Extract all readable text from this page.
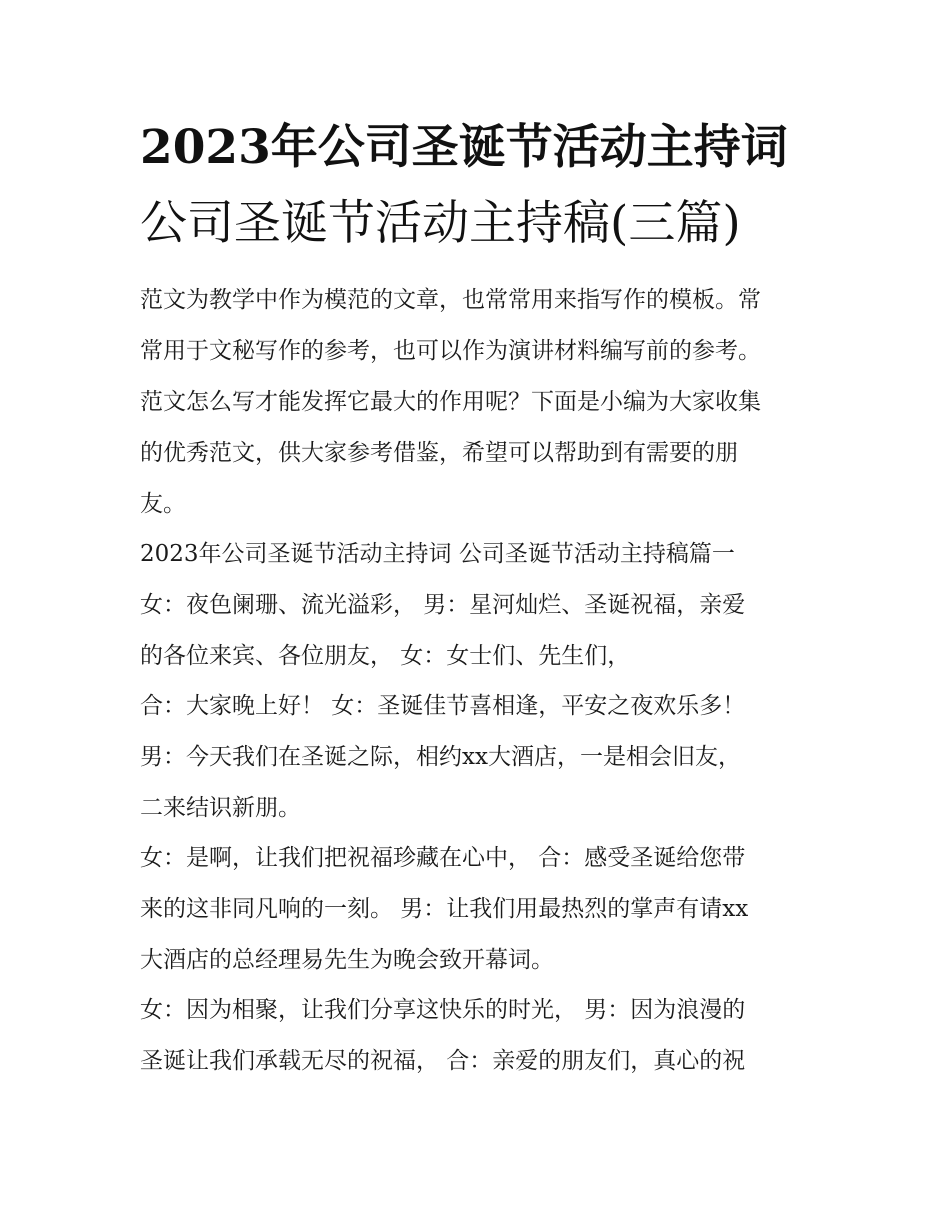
2023年公司圣诞节活动主持词
公司圣诞节活动主持稿(三篇)

范文为教学中作为模范的文章，也常常用来指写作的模板。常

常用于文秘写作的参考，也可以作为演讲材料编写前的参考。

范文怎么写才能发挥它最大的作用呢？下面是小编为大家收集

的优秀范文，供大家参考借鉴，希望可以帮助到有需要的朋

友。

2023年公司圣诞节活动主持词 公司圣诞节活动主持稿篇一

女：夜色阑珊、流光溢彩， 男：星河灿烂、圣诞祝福，亲爱

的各位来宾、各位朋友， 女：女士们、先生们，

合：大家晚上好！ 女：圣诞佳节喜相逢，平安之夜欢乐多！

男：今天我们在圣诞之际，相约xx大酒店，一是相会旧友，

二来结识新朋。

女：是啊，让我们把祝福珍藏在心中， 合：感受圣诞给您带

来的这非同凡响的一刻。 男：让我们用最热烈的掌声有请xx

大酒店的总经理易先生为晚会致开幕词。

女：因为相聚，让我们分享这快乐的时光， 男：因为浪漫的

圣诞让我们承载无尽的祝福， 合：亲爱的朋友们，真心的祝
